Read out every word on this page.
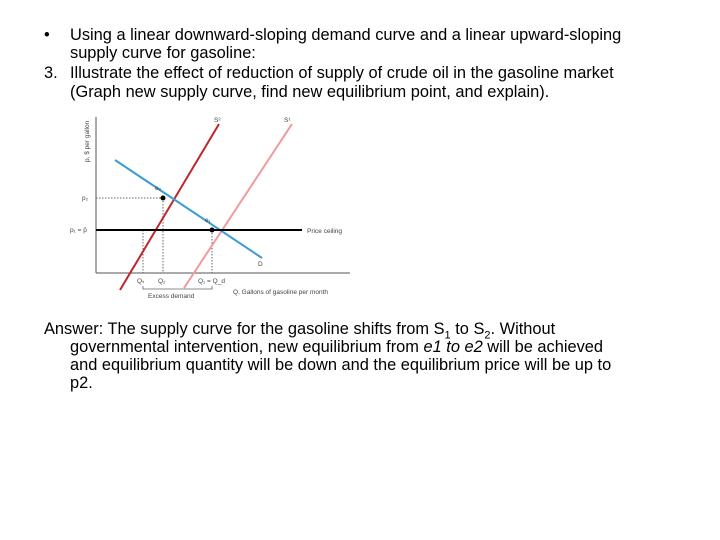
• Using a linear downward-sloping demand curve and a linear upward-sloping
supply curve for gasoline:
3. Illustrate the effect of reduction of supply of crude oil in the gasoline market
(Graph new supply curve, find new equilibrium point, and explain).
p, $ per gallon
Q, Gallons of gasoline per month
S²	S¹
D
e₂
e₁
p₂
p₁ = p̄	Price ceiling
Qₛ Q₂	Q₁ = Q_d
Excess demand
Answer: The supply curve for the gasoline shifts from $S_1$ to $S_2$. Without
governmental intervention, new equilibrium from e1 to e2 will be achieved
and equilibrium quantity will be down and the equilibrium price will be up to
p2.
